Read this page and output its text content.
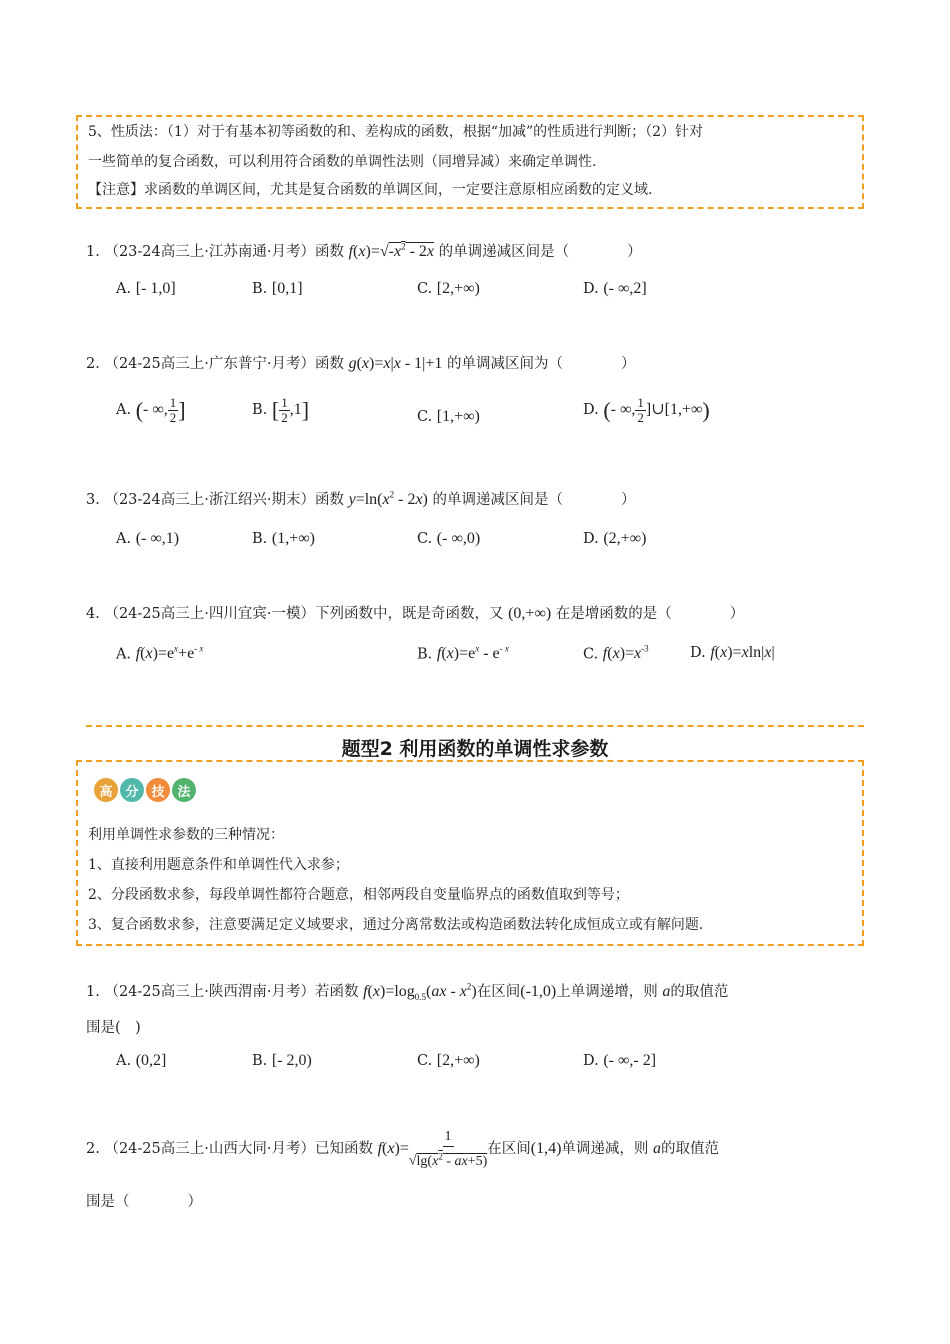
5、性质法：（1）对于有基本初等函数的和、差构成的函数，根据“加减”的性质进行判断；（2）针对
一些简单的复合函数，可以利用符合函数的单调性法则（同增异减）来确定单调性.
【注意】求函数的单调区间，尤其是复合函数的单调区间，一定要注意原相应函数的定义域.
1. （23-24高三上·江苏南通·月考）函数 $f(x)=√-x^2 - 2x$ 的单调递减区间是（　　　　）
A. [- 1,0]	B. [0,1]	C. [2,+∞)	D. (- ∞,2]
2. （24-25高三上·广东普宁·月考）函数 g(x)=x|x - 1|+1 的单调减区间为（　　　　）
A. (- ∞, $\frac{1}{2}$ ]	B. [ $\frac{1}{2} ,1$]	C. [1,+∞)	D. (- ∞, $\frac{1}{2}$ ]∪[1,+∞)
3. （23-24高三上·浙江绍兴·期末）函数 $y=\ln(x^2 - 2x)$ 的单调递减区间是（　　　　）
A. (- ∞,1)	B. (1,+∞)	C. (- ∞,0)	D. (2,+∞)
4. （24-25高三上·四川宜宾·一模）下列函数中，既是奇函数，又 (0,+∞) 在是增函数的是（　　　　）
A. $f(x)=e^x+e^{- x}$	B. $f(x)=e^x - e^{- x}$	C. $f(x)=x^{-3}$	D. f(x)=xln|x|
题型2 利用函数的单调性求参数
高 分 技 法
利用单调性求参数的三种情况：
1、直接利用题意条件和单调性代入求参；
2、分段函数求参，每段单调性都符合题意，相邻两段自变量临界点的函数值取到等号；
3、复合函数求参，注意要满足定义域要求，通过分离常数法或构造函数法转化成恒成立或有解问题.
1. （24-25高三上·陕西渭南·月考）若函数 $f(x)=\log_{0.5}(ax - x^2)$在区间(-1,0)上单调递增，则 a的取值范
围是(　)
A. (0,2]	B. [- 2,0)	C. [2,+∞)	D. (- ∞,- 2]
2. （24-25高三上·山西大同·月考）已知函数 $f(x)= \frac{1}{√\lg(x^2 - ax+5)}$ 在区间(1,4)单调递减，则 a的取值范
围是（　　　　）
